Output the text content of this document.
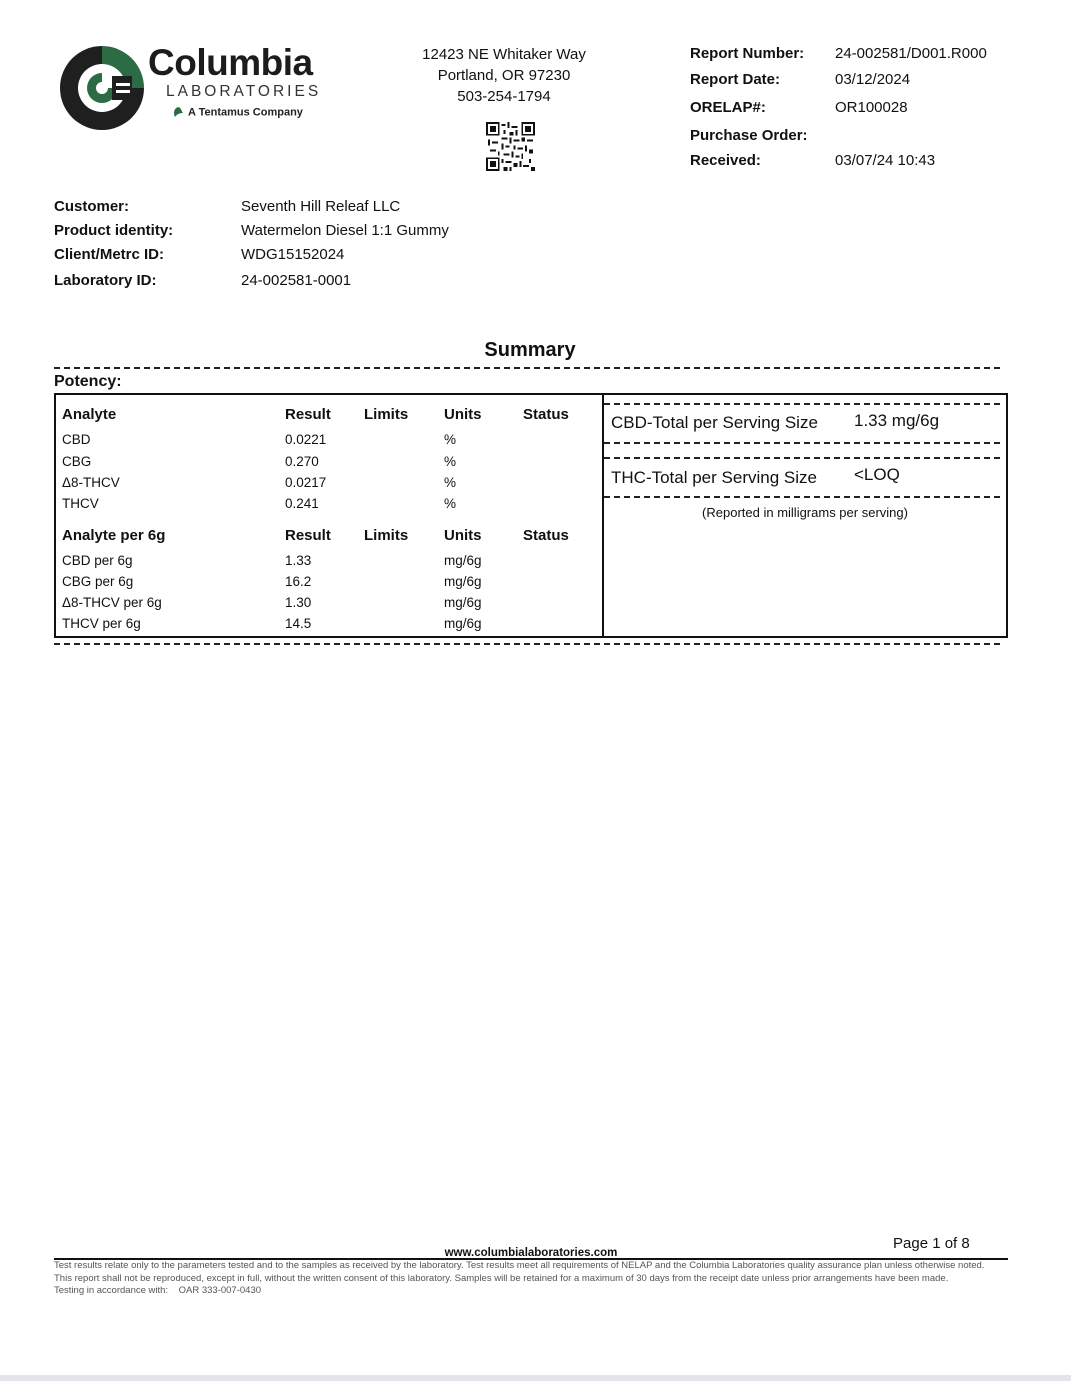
Columbia
LABORATORIES
A Tentamus Company
12423 NE Whitaker Way
Portland, OR 97230
503-254-1794
Report Number: 24-002581/D001.R000
Report Date:	03/12/2024
ORELAP#:	OR100028
Purchase Order:
Received:	03/07/24 10:43
Customer:	Seventh Hill Releaf LLC
Product identity:	Watermelon Diesel 1:1 Gummy
Client/Metrc ID:	WDG15152024
Laboratory ID:	24-002581-0001
Summary
Potency:
Analyte	Result Limits Units	Status
CBD	0.0221	%
CBG	0.270	%
Δ8-THCV	0.0217	%
THCV	0.241	%
Analyte per 6g	Result Limits Units	Status
CBD per 6g	1.33	mg/6g
CBG per 6g	16.2	mg/6g
Δ8-THCV per 6g	1.30	mg/6g
THCV per 6g	14.5	mg/6g
CBD-Total per Serving Size 1.33 mg/6g
THC-Total per Serving Size <LOQ
(Reported in milligrams per serving)
Page 1 of 8
www.columbialaboratories.com
Test results relate only to the parameters tested and to the samples as received by the laboratory. Test results meet all requirements of NELAP and the Columbia Laboratories quality assurance plan unless otherwise noted. This report shall not be reproduced, except in full, without the written consent of this laboratory. Samples will be retained for a maximum of 30 days from the receipt date unless prior arrangements have been made.
Testing in accordance with: OAR 333-007-0430
